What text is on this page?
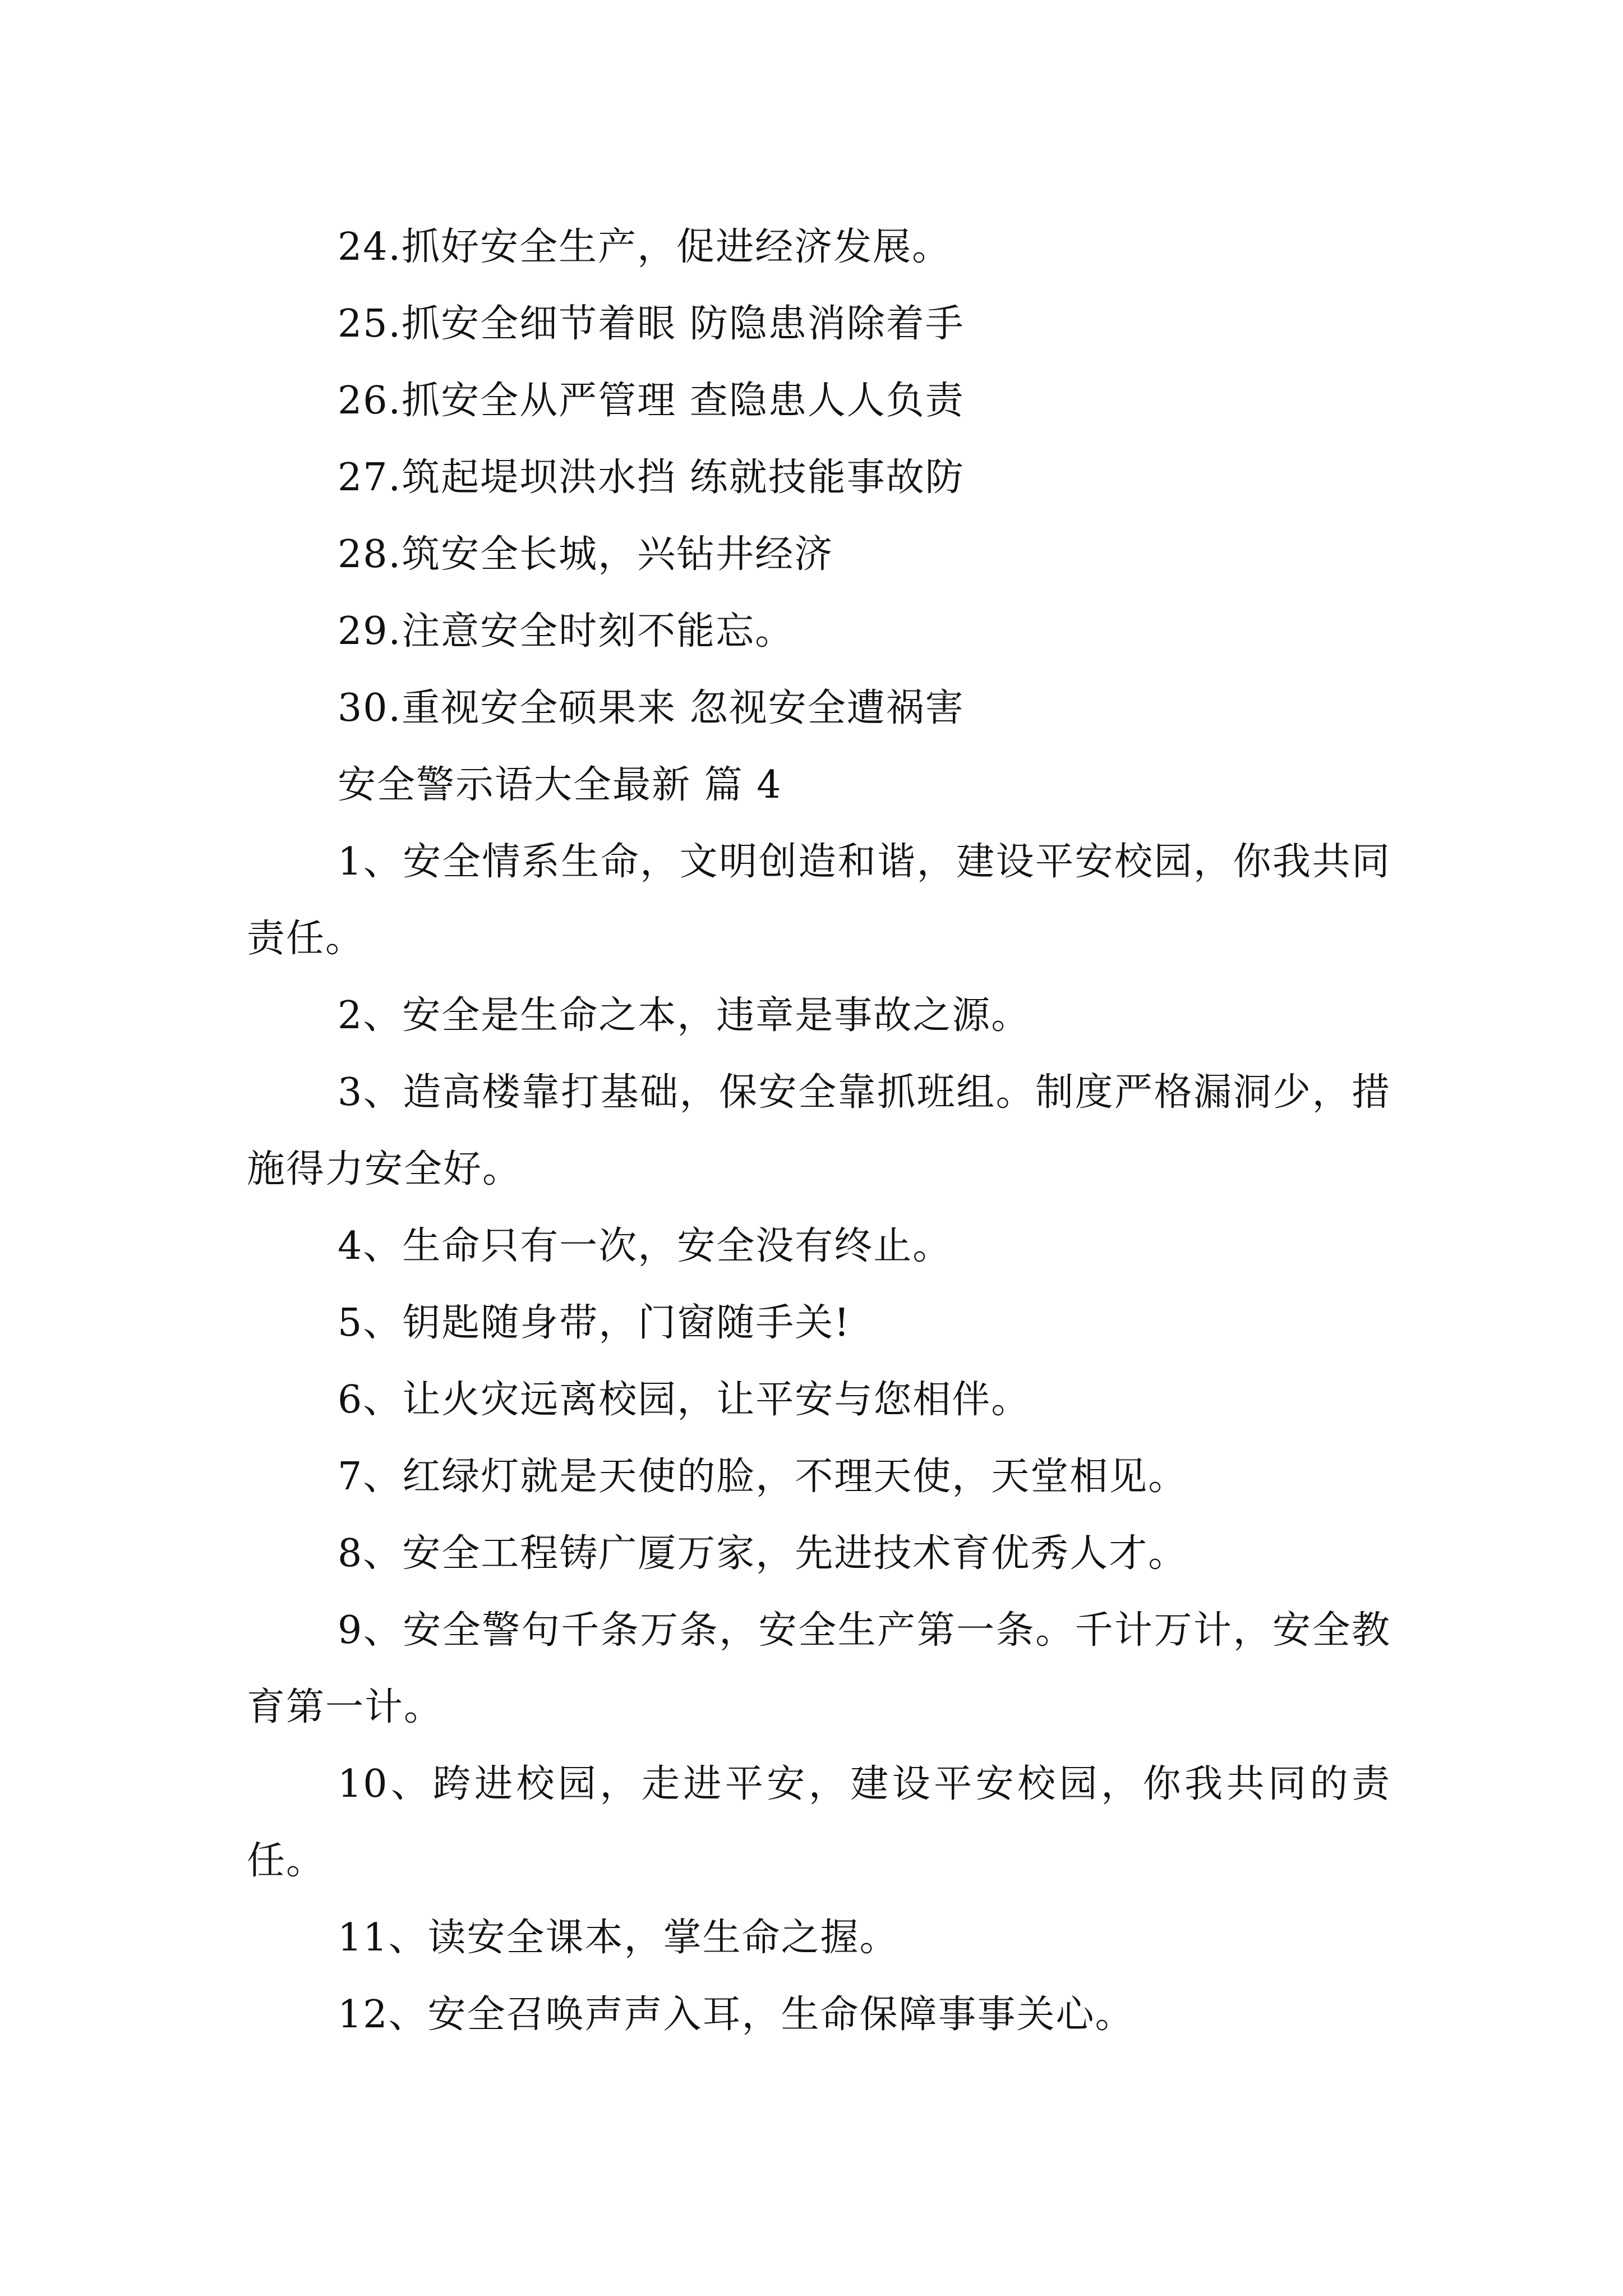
24.抓好安全生产，促进经济发展。
25.抓安全细节着眼 防隐患消除着手
26.抓安全从严管理 查隐患人人负责
27.筑起堤坝洪水挡 练就技能事故防
28.筑安全长城，兴钻井经济
29.注意安全时刻不能忘。
30.重视安全硕果来 忽视安全遭祸害
安全警示语大全最新 篇 4
1、安全情系生命，文明创造和谐，建设平安校园，你我共同责任。
2、安全是生命之本，违章是事故之源。
3、造高楼靠打基础，保安全靠抓班组。制度严格漏洞少，措施得力安全好。
4、生命只有一次，安全没有终止。
5、钥匙随身带，门窗随手关!
6、让火灾远离校园，让平安与您相伴。
7、红绿灯就是天使的脸，不理天使，天堂相见。
8、安全工程铸广厦万家，先进技术育优秀人才。
9、安全警句千条万条，安全生产第一条。千计万计，安全教育第一计。
10、跨进校园，走进平安，建设平安校园，你我共同的责任。
11、读安全课本，掌生命之握。
12、安全召唤声声入耳，生命保障事事关心。
